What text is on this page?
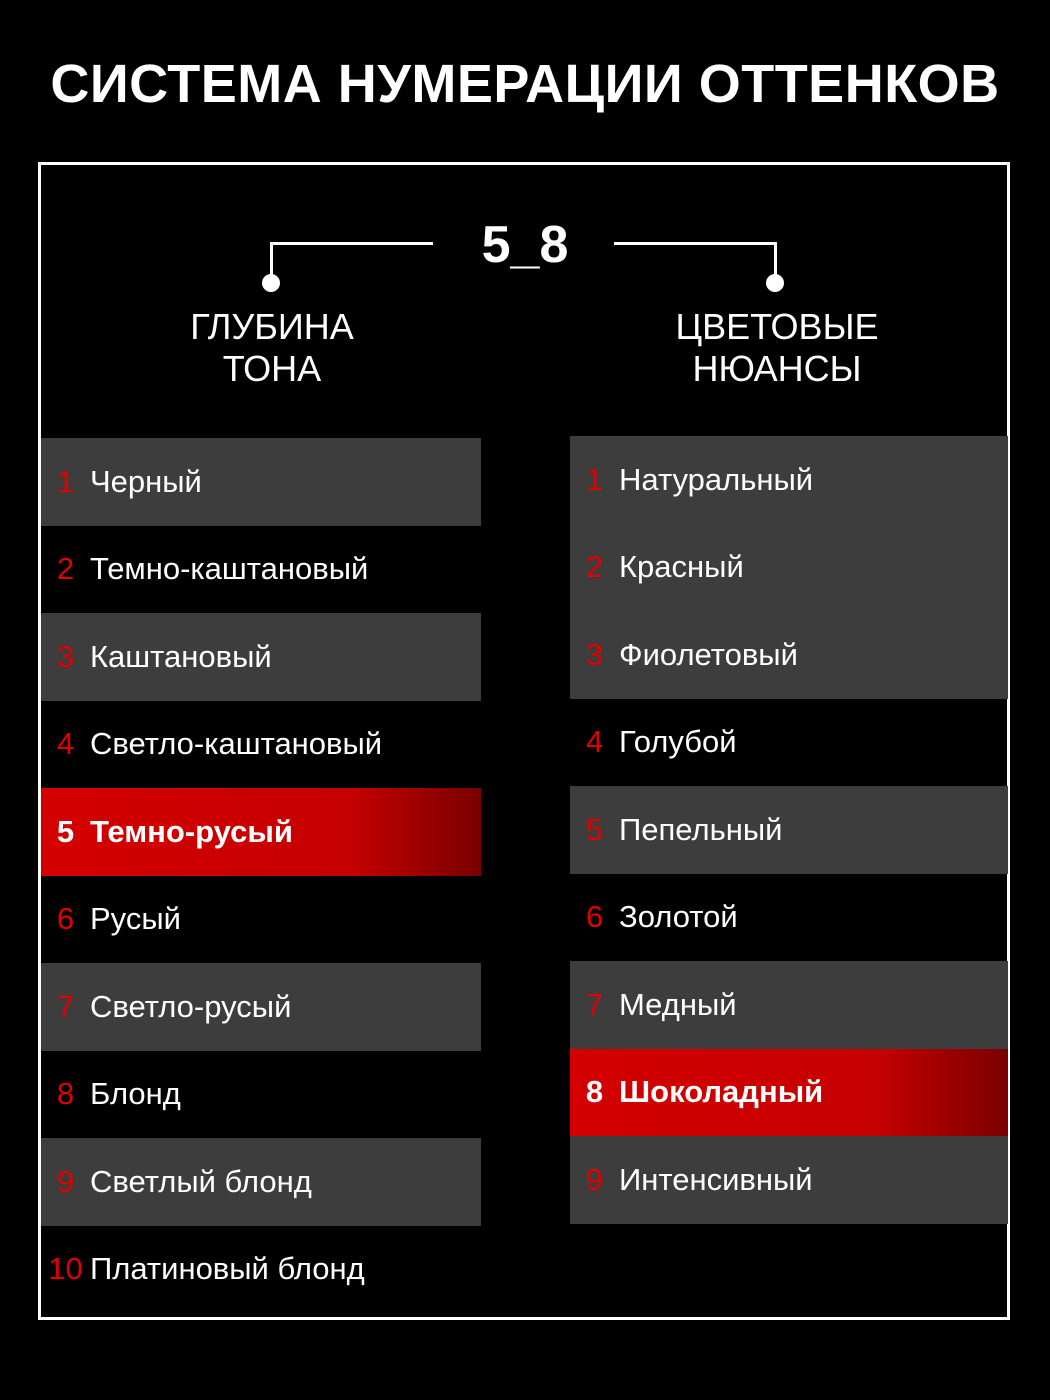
СИСТЕМА НУМЕРАЦИИ ОТТЕНКОВ
5_8
ГЛУБИНА
ТОНА
ЦВЕТОВЫЕ
НЮАНСЫ
1 Черный
2 Темно-каштановый
3 Каштановый
4 Светло-каштановый
5 Темно-русый
6 Русый
7 Светло-русый
8 Блонд
9 Светлый блонд
10 Платиновый блонд
1 Натуральный
2 Красный
3 Фиолетовый
4 Голубой
5 Пепельный
6 Золотой
7 Медный
8 Шоколадный
9 Интенсивный
